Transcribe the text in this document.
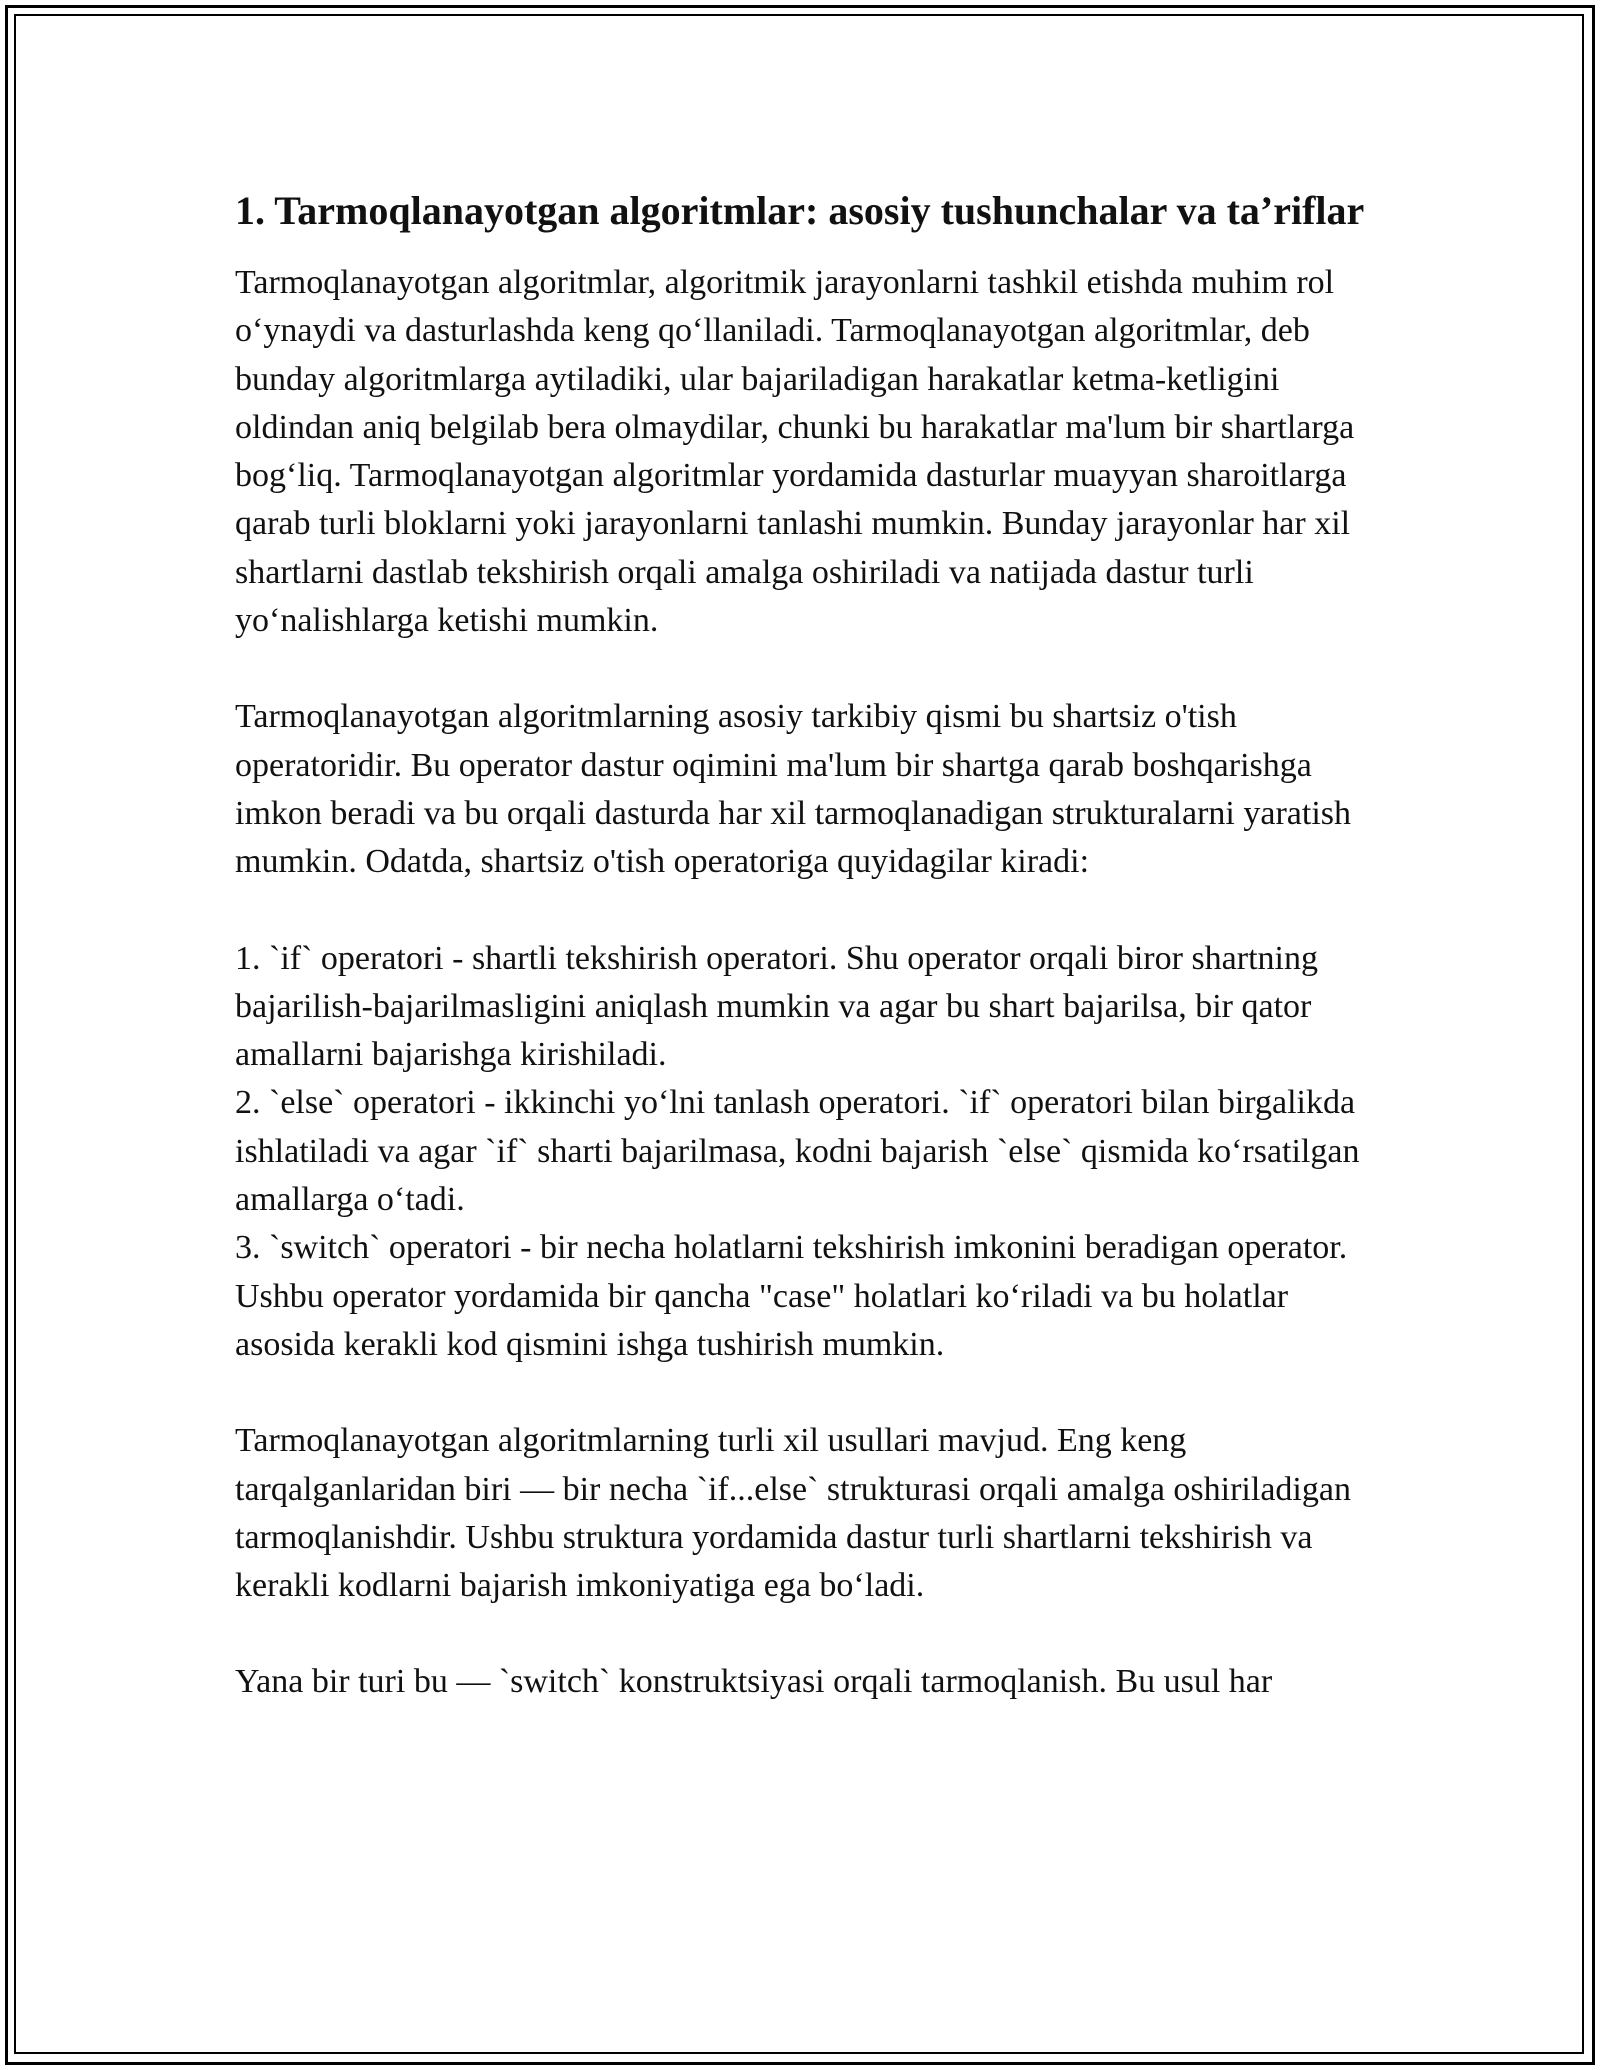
1. Tarmoqlanayotgan algoritmlar: asosiy tushunchalar va ta’riflar

Tarmoqlanayotgan algoritmlar, algoritmik jarayonlarni tashkil etishda muhim rol o‘ynaydi va dasturlashda keng qo‘llaniladi. Tarmoqlanayotgan algoritmlar, deb bunday algoritmlarga aytiladiki, ular bajariladigan harakatlar ketma-ketligini oldindan aniq belgilab bera olmaydilar, chunki bu harakatlar ma'lum bir shartlarga bog‘liq. Tarmoqlanayotgan algoritmlar yordamida dasturlar muayyan sharoitlarga qarab turli bloklarni yoki jarayonlarni tanlashi mumkin. Bunday jarayonlar har xil shartlarni dastlab tekshirish orqali amalga oshiriladi va natijada dastur turli yo‘nalishlarga ketishi mumkin.

Tarmoqlanayotgan algoritmlarning asosiy tarkibiy qismi bu shartsiz o'tish operatoridir. Bu operator dastur oqimini ma'lum bir shartga qarab boshqarishga imkon beradi va bu orqali dasturda har xil tarmoqlanadigan strukturalarni yaratish mumkin. Odatda, shartsiz o'tish operatoriga quyidagilar kiradi:

1. `if` operatori - shartli tekshirish operatori. Shu operator orqali biror shartning bajarilish-bajarilmasligini aniqlash mumkin va agar bu shart bajarilsa, bir qator amallarni bajarishga kirishiladi.
2. `else` operatori - ikkinchi yo‘lni tanlash operatori. `if` operatori bilan birgalikda ishlatiladi va agar `if` sharti bajarilmasa, kodni bajarish `else` qismida ko‘rsatilgan amallarga o‘tadi.
3. `switch` operatori - bir necha holatlarni tekshirish imkonini beradigan operator. Ushbu operator yordamida bir qancha "case" holatlari ko‘riladi va bu holatlar asosida kerakli kod qismini ishga tushirish mumkin.

Tarmoqlanayotgan algoritmlarning turli xil usullari mavjud. Eng keng tarqalganlaridan biri — bir necha `if...else` strukturasi orqali amalga oshiriladigan tarmoqlanishdir. Ushbu struktura yordamida dastur turli shartlarni tekshirish va kerakli kodlarni bajarish imkoniyatiga ega bo‘ladi.

Yana bir turi bu — `switch` konstruktsiyasi orqali tarmoqlanish. Bu usul har
